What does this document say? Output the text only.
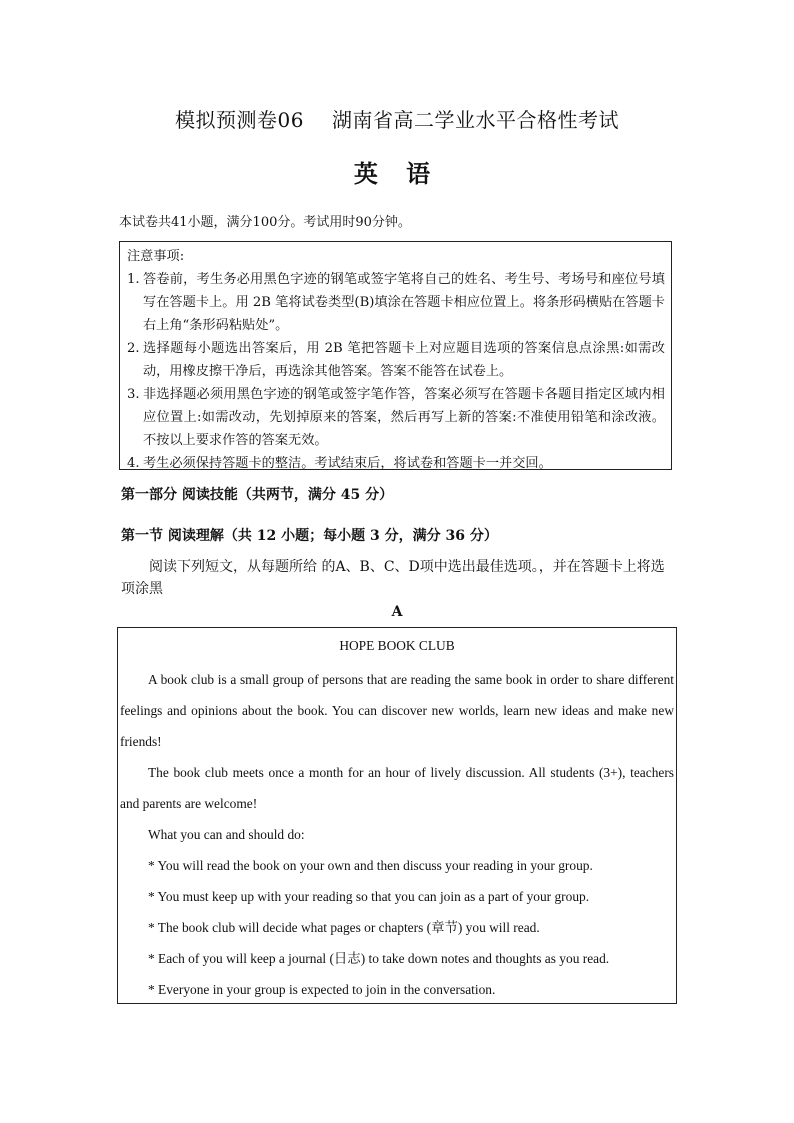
模拟预测卷06 湖南省高二学业水平合格性考试
英 语
本试卷共41小题，满分100分。考试用时90分钟。
注意事项:
1. 答卷前，考生务必用黑色字迹的钢笔或签字笔将自己的姓名、考生号、考场号和座位号填写在答题卡上。用 2B 笔将试卷类型(B)填涂在答题卡相应位置上。将条形码横贴在答题卡右上角“条形码粘贴处”。
2. 选择题每小题选出答案后，用 2B 笔把答题卡上对应题目选项的答案信息点涂黑:如需改动，用橡皮擦干净后，再选涂其他答案。答案不能答在试卷上。
3. 非选择题必须用黑色字迹的钢笔或签字笔作答，答案必须写在答题卡各题目指定区域内相应位置上:如需改动，先划掉原来的答案，然后再写上新的答案:不准使用铅笔和涂改液。不按以上要求作答的答案无效。
4. 考生必须保持答题卡的整洁。考试结束后，将试卷和答题卡一并交回。
第一部分 阅读技能（共两节，满分 45 分）
第一节 阅读理解（共 12 小题；每小题 3 分，满分 36 分）
阅读下列短文，从每题所给 的A、B、C、D项中选出最佳选项。，并在答题卡上将选项涂黑
A

HOPE BOOK CLUB

A book club is a small group of persons that are reading the same book in order to share different feelings and opinions about the book. You can discover new worlds, learn new ideas and make new friends!

The book club meets once a month for an hour of lively discussion. All students (3+), teachers and parents are welcome!

What you can and should do:

* You will read the book on your own and then discuss your reading in your group.

* You must keep up with your reading so that you can join as a part of your group.

* The book club will decide what pages or chapters (章节) you will read.

* Each of you will keep a journal (日志) to take down notes and thoughts as you read.

* Everyone in your group is expected to join in the conversation.
